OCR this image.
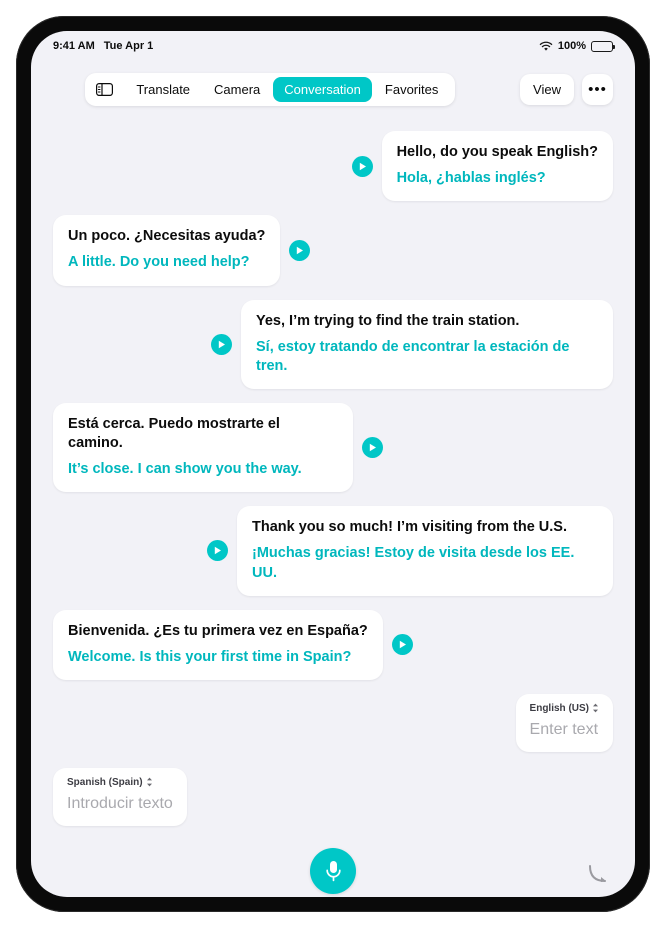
9:41 AM Tue Apr 1	100%
Translate	Camera	Conversation	Favorites	View	•••
Hello, do you speak English?
Hola, ¿hablas inglés?
Un poco. ¿Necesitas ayuda?
A little. Do you need help?
Yes, I’m trying to find the train station.
Sí, estoy tratando de encontrar la estación de tren.
Está cerca. Puedo mostrarte el camino.
It’s close. I can show you the way.
Thank you so much! I’m visiting from the U.S.
¡Muchas gracias! Estoy de visita desde los EE. UU.
Bienvenida. ¿Es tu primera vez en España?
Welcome. Is this your first time in Spain?
English (US)
Enter text
Spanish (Spain)
Introducir texto
